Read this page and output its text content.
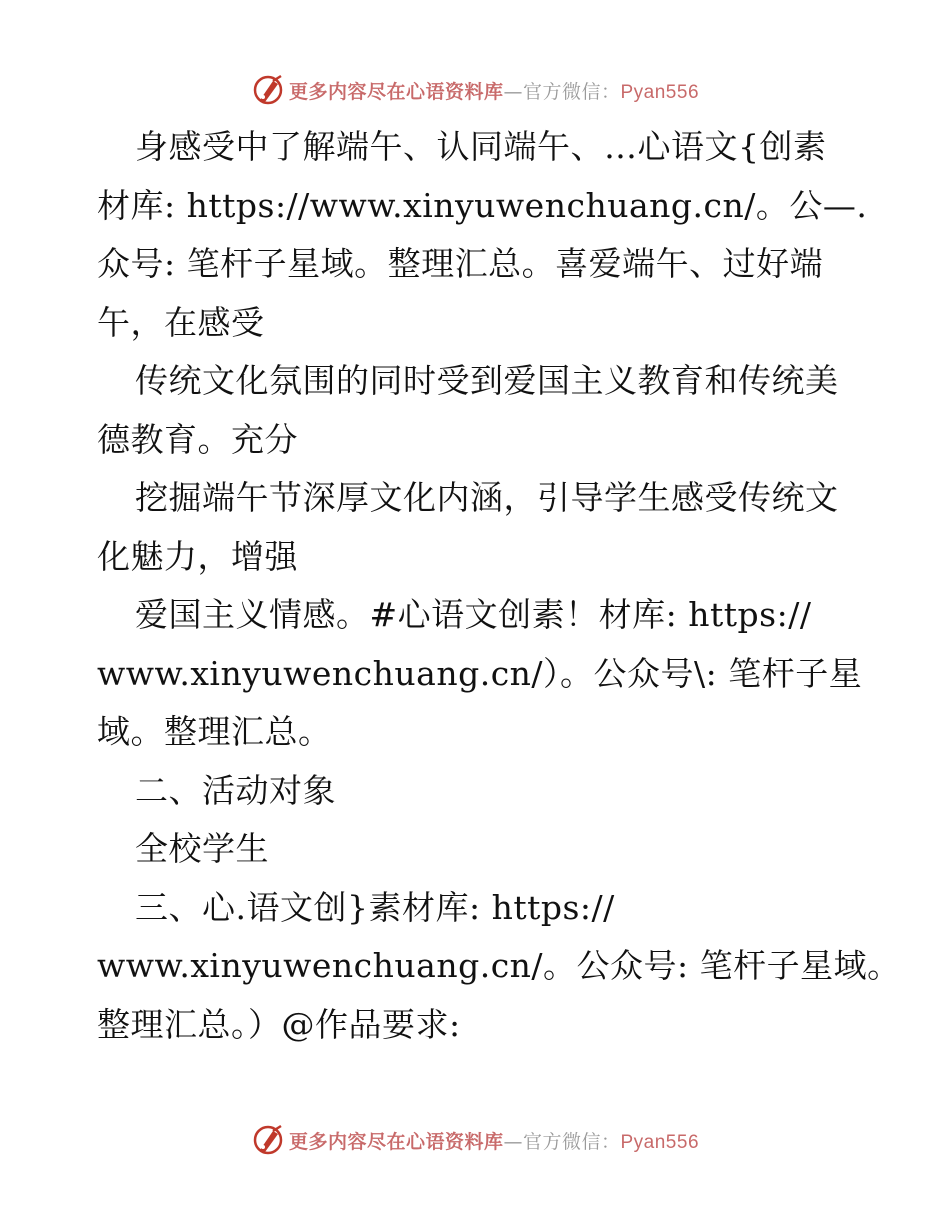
更多内容尽在心语资料库—官方微信：Pyan556
身感受中了解端午、认同端午、…心语文{创素
材库: https://www.xinyuwenchuang.cn/。公—.
众号: 笔杆子星域。整理汇总。喜爱端午、过好端
午，在感受
传统文化氛围的同时受到爱国主义教育和传统美
德教育。充分
挖掘端午节深厚文化内涵，引导学生感受传统文
化魅力，增强
爱国主义情感。#心语文创素！材库: https://
www.xinyuwenchuang.cn/）。公众号\: 笔杆子星
域。整理汇总。
二、活动对象
全校学生
三、心.语文创}素材库: https://
www.xinyuwenchuang.cn/。公众号: 笔杆子星域。
整理汇总。）@作品要求:
更多内容尽在心语资料库—官方微信：Pyan556
